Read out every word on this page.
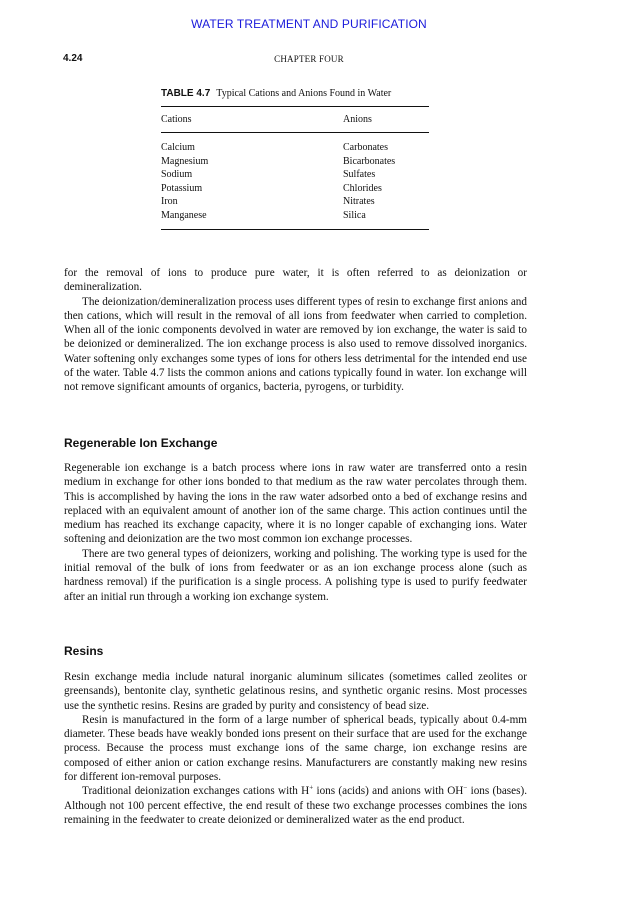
WATER TREATMENT AND PURIFICATION
4.24	CHAPTER FOUR
TABLE 4.7 Typical Cations and Anions Found in Water
Cations	Anions
Calcium	Carbonates
Magnesium	Bicarbonates
Sodium	Sulfates
Potassium	Chlorides
Iron	Nitrates
Manganese	Silica

for the removal of ions to produce pure water, it is often referred to as deionization or demineralization.

The deionization/demineralization process uses different types of resin to exchange first anions and then cations, which will result in the removal of all ions from feedwater when carried to completion. When all of the ionic components devolved in water are removed by ion exchange, the water is said to be deionized or demineralized. The ion exchange process is also used to remove dissolved inorganics. Water softening only exchanges some types of ions for others less detrimental for the intended end use of the water. Table 4.7 lists the common anions and cations typically found in water. Ion exchange will not remove significant amounts of organics, bacteria, pyrogens, or turbidity.

Regenerable Ion Exchange

Regenerable ion exchange is a batch process where ions in raw water are transferred onto a resin medium in exchange for other ions bonded to that medium as the raw water percolates through them. This is accomplished by having the ions in the raw water adsorbed onto a bed of exchange resins and replaced with an equivalent amount of another ion of the same charge. This action continues until the medium has reached its exchange capacity, where it is no longer capable of exchanging ions. Water softening and deionization are the two most common ion exchange processes.

There are two general types of deionizers, working and polishing. The working type is used for the initial removal of the bulk of ions from feedwater or as an ion exchange process alone (such as hardness removal) if the purification is a single process. A polishing type is used to purify feedwater after an initial run through a working ion exchange system.

Resins

Resin exchange media include natural inorganic aluminum silicates (sometimes called zeolites or greensands), bentonite clay, synthetic gelatinous resins, and synthetic organic resins. Most processes use the synthetic resins. Resins are graded by purity and consistency of bead size.

Resin is manufactured in the form of a large number of spherical beads, typically about 0.4-mm diameter. These beads have weakly bonded ions present on their surface that are used for the exchange process. Because the process must exchange ions of the same charge, ion exchange resins are composed of either anion or cation exchange resins. Manufacturers are constantly making new resins for different ion-removal purposes.

Traditional deionization exchanges cations with H+ ions (acids) and anions with OH− ions (bases). Although not 100 percent effective, the end result of these two exchange processes combines the ions remaining in the feedwater to create deionized or demineralized water as the end product.
